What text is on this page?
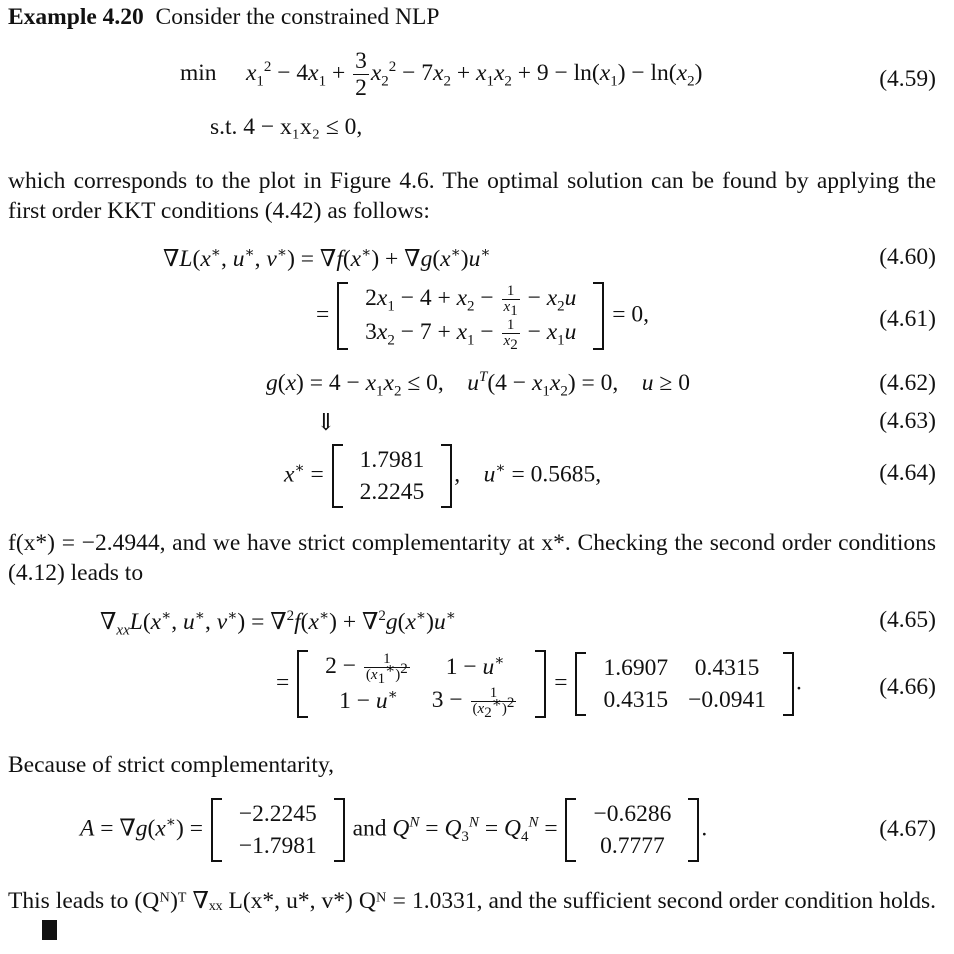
Example 4.20 Consider the constrained NLP
$\min x_1^2 - 4x_1 + \frac{3}{2} x_2^2 - 7x_2 + x_1x_2 + 9 - \ln(x_1) - \ln(x_2)$	(4.59)
s.t. 4 − x₁x₂ ≤ 0,
which corresponds to the plot in Figure 4.6. The optimal solution can be found by applying the first order KKT conditions (4.42) as follows:
∇L(x∗, u∗, v∗) = ∇f(x∗) + ∇g(x∗)u∗	(4.60)
=
$2x_1 - 4 + x_2 - \frac{1}{x_1} - x_2u$
$3x_2 - 7 + x_1 - \frac{1}{x_2} - x_1u$
= 0,	(4.61)
$g(x) = 4 - x_1x_2 \le 0$,    $u^T(4 - x_1x_2) = 0$,    u ≥ 0	(4.62)
⇓	(4.63)
x∗ =
1.7981
2.2245
,    u∗ = 0.5685,	(4.64)
f(x*) = −2.4944, and we have strict complementarity at x*. Checking the second order conditions (4.12) leads to
$\nabla_{xx}L(x^∗$, u∗, v∗) = ∇$^2$f(x∗) + ∇$^2$g(x∗)u∗	(4.65)
=
$2 - \frac{1}{(x_1^∗)^2}$	1 − u∗
1 − u∗	$3 - \frac{1}{(x_2^∗)^2}$
=
1.6907	0.4315
0.4315	−0.0941
.	(4.66)
Because of strict complementarity,
A = ∇g(x∗) =
−2.2245
−1.7981
and $Q^N = Q_3^N = Q_4^N$ =
−0.6286
0.7777
.	(4.67)
This leads to (Qᴺ)ᵀ ∇ₓₓ L(x*, u*, v*) Qᴺ = 1.0331, and the sufficient second order condition holds.
